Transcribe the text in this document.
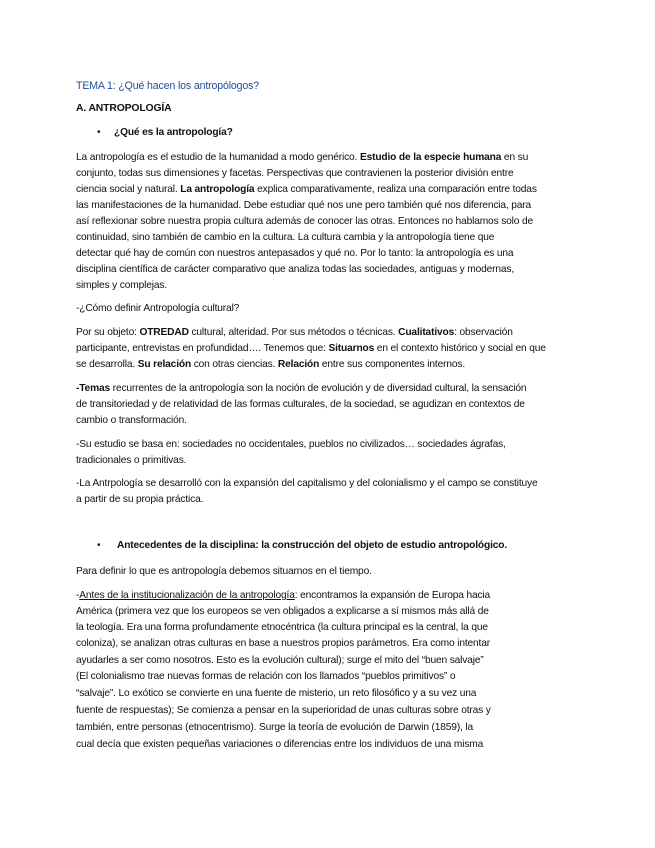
TEMA 1: ¿Qué hacen los antropólogos?
A. ANTROPOLOGÍA
• ¿Qué es la antropología?
La antropología es el estudio de la humanidad a modo genérico. Estudio de la especie humana en su
conjunto, todas sus dimensiones y facetas. Perspectivas que contravienen la posterior división entre
ciencia social y natural. La antropología explica comparativamente, realiza una comparación entre todas
las manifestaciones de la humanidad. Debe estudiar qué nos une pero también qué nos diferencia, para
así reflexionar sobre nuestra propia cultura además de conocer las otras. Entonces no hablamos solo de
continuidad, sino también de cambio en la cultura. La cultura cambia y la antropología tiene que
detectar qué hay de común con nuestros antepasados y qué no. Por lo tanto: la antropología es una
disciplina científica de carácter comparativo que analiza todas las sociedades, antiguas y modernas,
simples y complejas.
-¿Cómo definir Antropología cultural?
Por su objeto: OTREDAD cultural, alteridad. Por sus métodos o técnicas. Cualitativos: observación
participante, entrevistas en profundidad…. Tenemos que: Situarnos en el contexto histórico y social en que
se desarrolla. Su relación con otras ciencias. Relación entre sus componentes internos.
-Temas recurrentes de la antropología son la noción de evolución y de diversidad cultural, la sensación
de transitoriedad y de relatividad de las formas culturales, de la sociedad, se agudizan en contextos de
cambio o transformación.
-Su estudio se basa en: sociedades no occidentales, pueblos no civilizados… sociedades ágrafas,
tradicionales o primitivas.
-La Antrpología se desarrolló con la expansión del capitalismo y del colonialismo y el campo se constituye
a partir de su propia práctica.
• Antecedentes de la disciplina: la construcción del objeto de estudio antropológico.
Para definir lo que es antropología debemos situarnos en el tiempo.
-Antes de la institucionalización de la antropología: encontramos la expansión de Europa hacia
América (primera vez que los europeos se ven obligados a explicarse a sí mismos más allá de
la teología. Era una forma profundamente etnocéntrica (la cultura principal es la central, la que
coloniza), se analizan otras culturas en base a nuestros propios parámetros. Era como intentar
ayudarles a ser como nosotros. Esto es la evolución cultural); surge el mito del “buen salvaje”
(El colonialismo trae nuevas formas de relación con los llamados “pueblos primitivos” o
“salvaje”. Lo exótico se convierte en una fuente de misterio, un reto filosófico y a su vez una
fuente de respuestas); Se comienza a pensar en la superioridad de unas culturas sobre otras y
también, entre personas (etnocentrismo). Surge la teoría de evolución de Darwin (1859), la
cual decía que existen pequeñas variaciones o diferencias entre los individuos de una misma
